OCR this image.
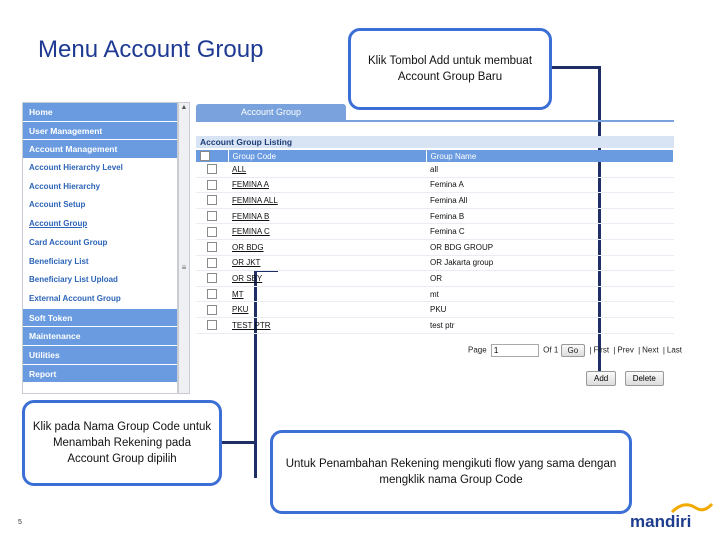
Menu Account Group	Klik Tombol Add untuk membuat Account Group Baru
Home
User Management
Account Management
Account Hierarchy Level
Account Hierarchy
Account Setup
Account Group
Card Account Group
Beneficiary List
Beneficiary List Upload
External Account Group
Soft Token
Maintenance
Utilities
Report
▲
≡
Account Group
Account Group Listing
	Group Code	Group Name
	ALL	all
	FEMINA A	Femina A
	FEMINA ALL	Femina All
	FEMINA B	Femina B
	FEMINA C	Femina C
	OR BDG	OR BDG GROUP
	OR JKT	OR Jakarta group
	OR SBY	OR
	MT	mt
	PKU	PKU
	TEST PTR	test ptr
Page 1	Of 1 Go | First | Prev | Next | Last
Add	Delete
Klik pada Nama Group Code untuk Menambah Rekening pada Account Group dipilih	Untuk Penambahan Rekening mengikuti flow yang sama dengan mengklik nama Group Code
5	mandiri
